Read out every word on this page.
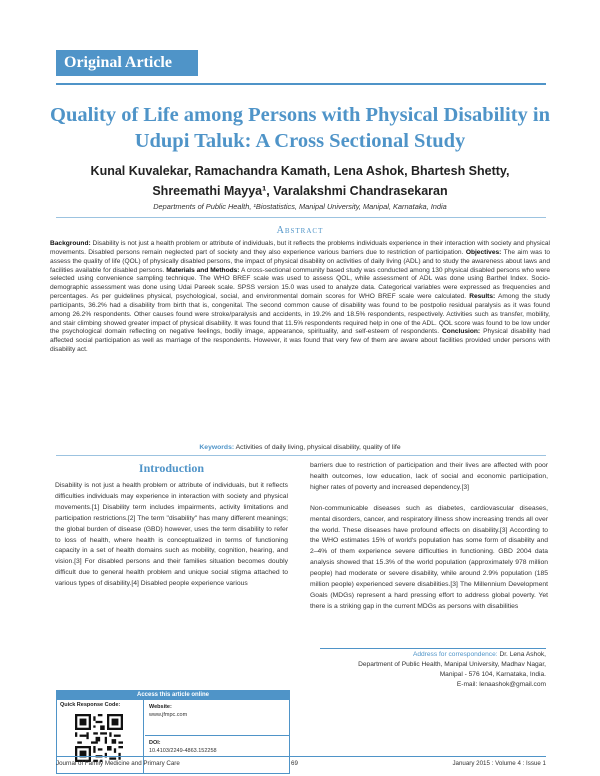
Original Article
Quality of Life among Persons with Physical Disability in Udupi Taluk: A Cross Sectional Study
Kunal Kuvalekar, Ramachandra Kamath, Lena Ashok, Bhartesh Shetty,
Shreemathi Mayya¹, Varalakshmi Chandrasekaran
Departments of Public Health, ¹Biostatistics, Manipal University, Manipal, Karnataka, India
Abstract

Background: Disability is not just a health problem or attribute of individuals, but it reflects the problems individuals experience in their interaction with society and physical movements. Disabled persons remain neglected part of society and they also experience various barriers due to restriction of participation. Objectives: The aim was to assess the quality of life (QOL) of physically disabled persons, the impact of physical disability on activities of daily living (ADL) and to study the awareness about laws and facilities available for disabled persons. Materials and Methods: A cross-sectional community based study was conducted among 130 physical disabled persons who were selected using convenience sampling technique. The WHO BREF scale was used to assess QOL, while assessment of ADL was done using Barthel Index. Socio-demographic assessment was done using Udai Pareek scale. SPSS version 15.0 was used to analyze data. Categorical variables were expressed as frequencies and percentages. As per guidelines physical, psychological, social, and environmental domain scores for WHO BREF scale were calculated. Results: Among the study participants, 36.2% had a disability from birth that is, congenital. The second common cause of disability was found to be postpolio residual paralysis as it was found among 26.2% respondents. Other causes found were stroke/paralysis and accidents, in 19.2% and 18.5% respondents, respectively. Activities such as transfer, mobility, and stair climbing showed greater impact of physical disability. It was found that 11.5% respondents required help in one of the ADL. QOL score was found to be low under the psychological domain reflecting on negative feelings, bodily image, appearance, spirituality, and self-esteem of respondents. Conclusion: Physical disability had affected social participation as well as marriage of the respondents. However, it was found that very few of them are aware about facilities provided under persons with disability act.

Keywords: Activities of daily living, physical disability, quality of life
Introduction

Disability is not just a health problem or attribute of individuals, but it reflects difficulties individuals may experience in interaction with society and physical movements.[1] Disability term includes impairments, activity limitations and participation restrictions.[2] The term "disability" has many different meanings; the global burden of disease (GBD) however, uses the term disability to refer to loss of health, where health is conceptualized in terms of functioning capacity in a set of health domains such as mobility, cognition, hearing, and vision.[3] For disabled persons and their families situation becomes doubly difficult due to general health problem and unique social stigma attached to various types of disability.[4] Disabled people experience various

barriers due to restriction of participation and their lives are affected with poor health outcomes, low education, lack of social and economic participation, higher rates of poverty and increased dependency.[3]

Non-communicable diseases such as diabetes, cardiovascular diseases, mental disorders, cancer, and respiratory illness show increasing trends all over the world. These diseases have profound effects on disability.[3] According to the WHO estimates 15% of world's population has some form of disability and 2–4% of them experience severe difficulties in functioning. GBD 2004 data analysis showed that 15.3% of the world population (approximately 978 million people) had moderate or severe disability, while around 2.9% population (185 million people) experienced severe disabilities.[3] The Millennium Development Goals (MDGs) represent a hard pressing effort to address global poverty. Yet there is a striking gap in the current MDGs as persons with disabilities

Access this article online
Quick Response Code:	Website:
www.jfmpc.com
DOI:
10.4103/2249-4863.152258
Address for correspondence: Dr. Lena Ashok,
Department of Public Health, Manipal University, Madhav Nagar,
Manipal - 576 104, Karnataka, India.
E-mail: lenaashok@gmail.com
Journal of Family Medicine and Primary Care	69	January 2015 : Volume 4 : Issue 1
